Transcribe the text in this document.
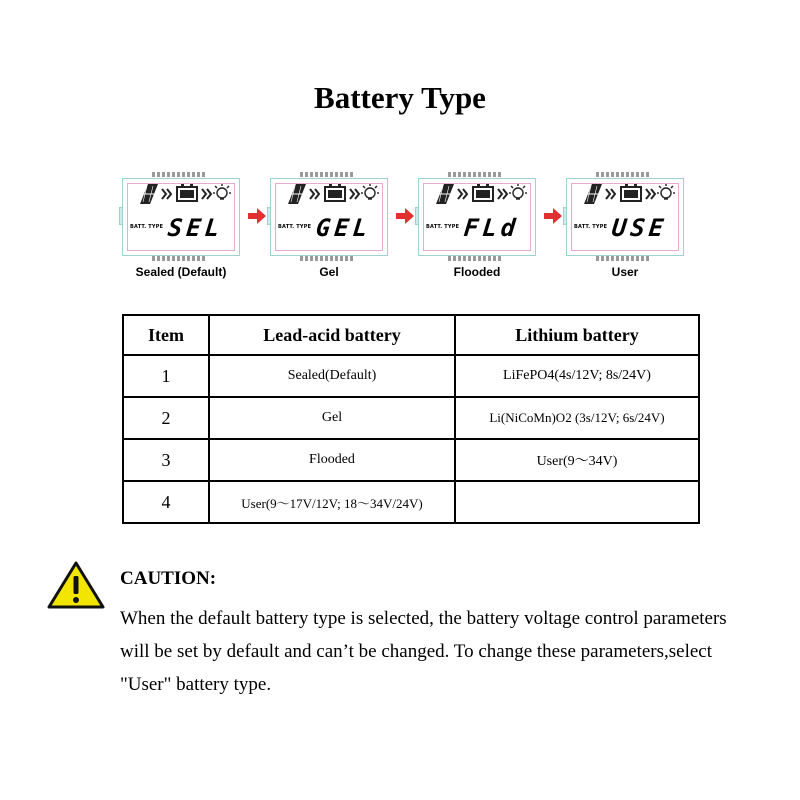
Battery Type
BATT. TYPE SEL
Sealed (Default)
BATT. TYPE GEL
Gel
BATT. TYPE FLd
Flooded
BATT. TYPE USE
User
Item	Lead-acid battery	Lithium battery
1	Sealed(Default)	LiFePO4(4s/12V; 8s/24V)
2	Gel	Li(NiCoMn)O2 (3s/12V; 6s/24V)
3	Flooded	User(9～34V)
4	User(9～17V/12V; 18～34V/24V)	
CAUTION:
When the default battery type is selected, the battery voltage control parameters will be set by default and can’t be changed. To change these parameters,select "User" battery type.
